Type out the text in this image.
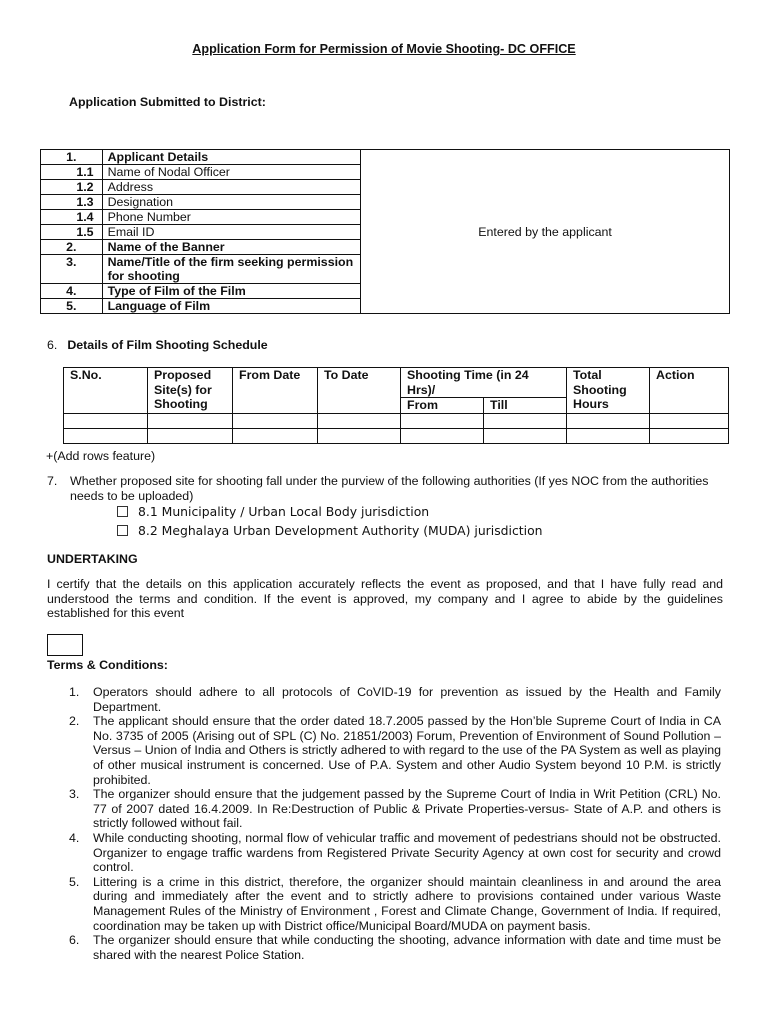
Application Form for Permission of Movie Shooting- DC OFFICE
Application Submitted to District:
1.	Applicant Details	Entered by the applicant
1.1	Name of Nodal Officer	
1.2	Address	
1.3	Designation	
1.4	Phone Number	
1.5	Email ID	
2.	Name of the Banner	
3.	Name/Title of the firm seeking permission for shooting	
4.	Type of Film of the Film	
5.	Language of Film	
6. Details of Film Shooting Schedule
S.No.	Proposed Site(s) for Shooting	From Date	To Date	Shooting Time (in 24 Hrs)/		Total Shooting Hours	Action
				From	Till		

+(Add rows feature)
7. Whether proposed site for shooting fall under the purview of the following authorities (If yes NOC from the authorities needs to be uploaded)
8.1 Municipality / Urban Local Body jurisdiction
8.2 Meghalaya Urban Development Authority (MUDA) jurisdiction
UNDERTAKING
I certify that the details on this application accurately reflects the event as proposed, and that I have fully read and understood the terms and condition. If the event is approved, my company and I agree to abide by the guidelines established for this event
Terms & Conditions:
1. Operators should adhere to all protocols of CoVID-19 for prevention as issued by the Health and Family Department.
2. The applicant should ensure that the order dated 18.7.2005 passed by the Hon’ble Supreme Court of India in CA No. 3735 of 2005 (Arising out of SPL (C) No. 21851/2003) Forum, Prevention of Environment of Sound Pollution – Versus – Union of India and Others is strictly adhered to with regard to the use of the PA System as well as playing of other musical instrument is concerned. Use of P.A. System and other Audio System beyond 10 P.M. is strictly prohibited.
3. The organizer should ensure that the judgement passed by the Supreme Court of India in Writ Petition (CRL) No. 77 of 2007 dated 16.4.2009. In Re:Destruction of Public & Private Properties-versus- State of A.P. and others is strictly followed without fail.
4. While conducting shooting, normal flow of vehicular traffic and movement of pedestrians should not be obstructed. Organizer to engage traffic wardens from Registered Private Security Agency at own cost for security and crowd control.
5. Littering is a crime in this district, therefore, the organizer should maintain cleanliness in and around the area during and immediately after the event and to strictly adhere to provisions contained under various Waste Management Rules of the Ministry of Environment , Forest and Climate Change, Government of India. If required, coordination may be taken up with District office/Municipal Board/MUDA on payment basis.
6. The organizer should ensure that while conducting the shooting, advance information with date and time must be shared with the nearest Police Station.
